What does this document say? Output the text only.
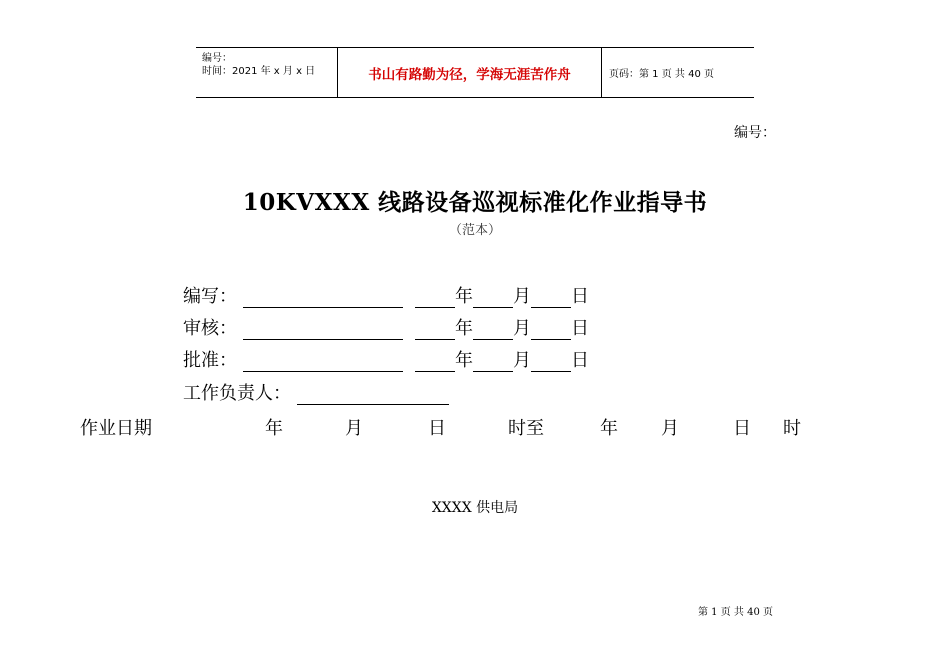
编号：
时间：2021 年 x 月 x 日	书山有路勤为径，学海无涯苦作舟	页码：第 1 页 共 40 页
编号：
10KVXXX 线路设备巡视标准化作业指导书
（范本）
编写：	年 月 日
审核：	年 月 日
批准：	年 月 日
工作负责人：
作业日期	年	月	日	时至	年 月	日 时
XXXX 供电局
第 1 页 共 40 页
